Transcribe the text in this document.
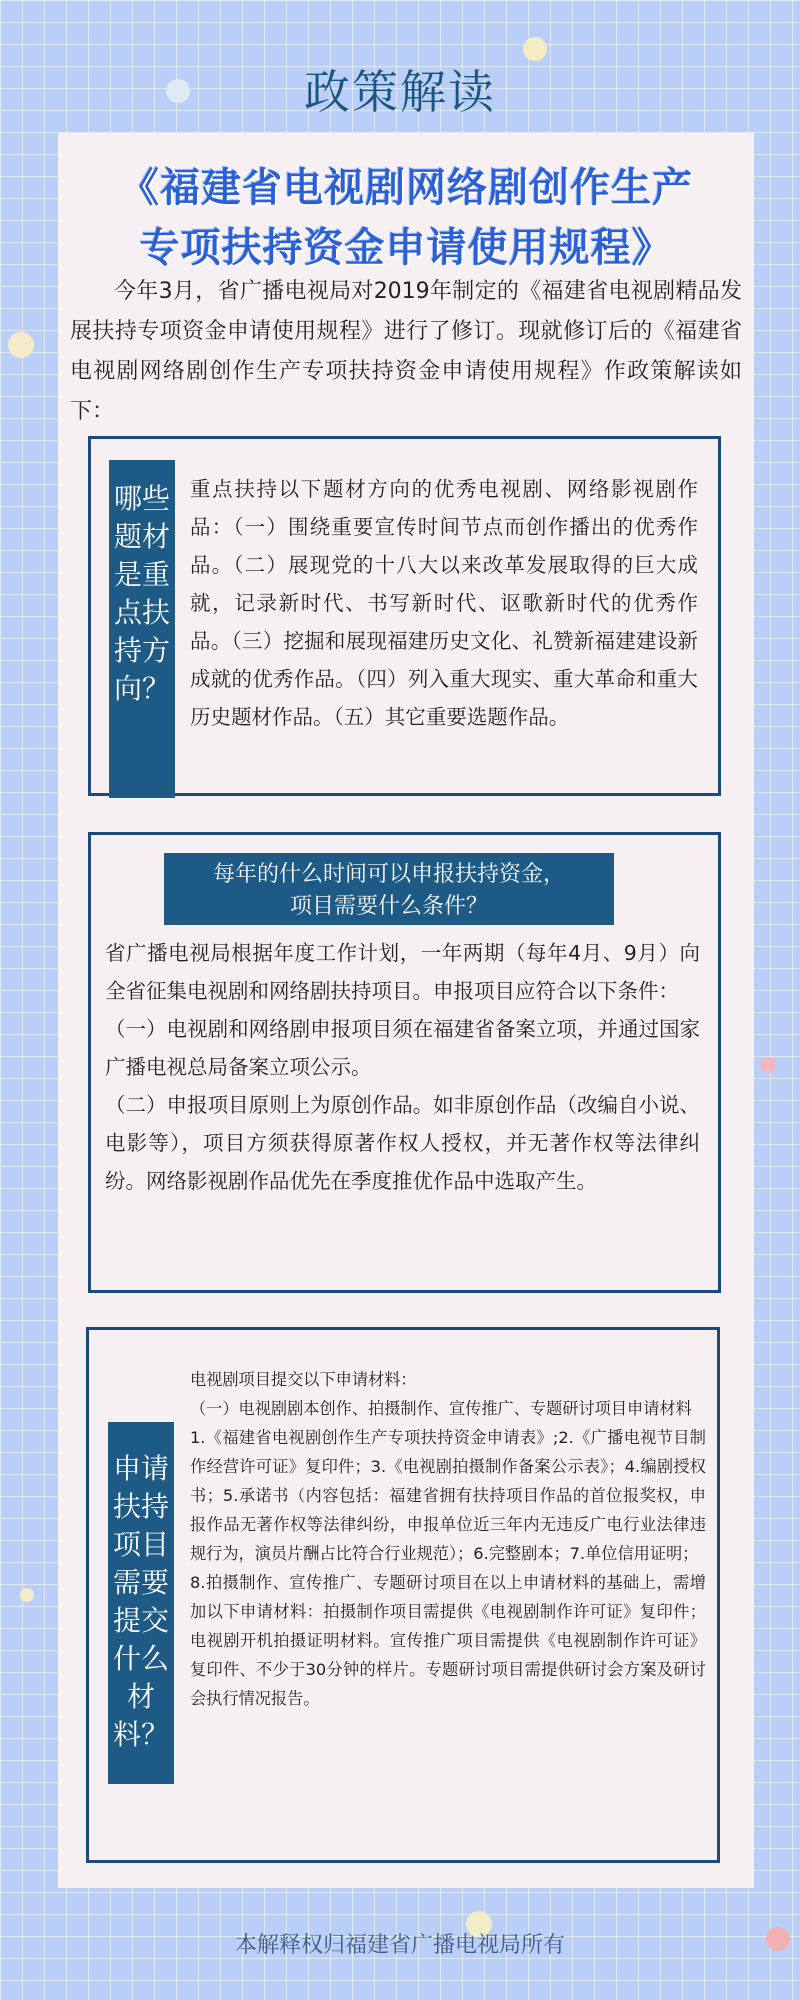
政策解读
《福建省电视剧网络剧创作生产
专项扶持资金申请使用规程》
今年3月，省广播电视局对2019年制定的《福建省电视剧精品发展扶持专项资金申请使用规程》进行了修订。现就修订后的《福建省电视剧网络剧创作生产专项扶持资金申请使用规程》作政策解读如下：
哪些题材是重点扶持方向？
重点扶持以下题材方向的优秀电视剧、网络影视剧作品：（一）围绕重要宣传时间节点而创作播出的优秀作品。（二）展现党的十八大以来改革发展取得的巨大成就，记录新时代、书写新时代、讴歌新时代的优秀作品。（三）挖掘和展现福建历史文化、礼赞新福建建设新成就的优秀作品。（四）列入重大现实、重大革命和重大历史题材作品。（五）其它重要选题作品。
每年的什么时间可以申报扶持资金，
项目需要什么条件？
省广播电视局根据年度工作计划，一年两期（每年4月、9月）向全省征集电视剧和网络剧扶持项目。申报项目应符合以下条件：
（一）电视剧和网络剧申报项目须在福建省备案立项，并通过国家广播电视总局备案立项公示。
（二）申报项目原则上为原创作品。如非原创作品（改编自小说、电影等），项目方须获得原著作权人授权，并无著作权等法律纠纷。网络影视剧作品优先在季度推优作品中选取产生。
申请扶持项目需要提交什么材料？
电视剧项目提交以下申请材料：
（一）电视剧剧本创作、拍摄制作、宣传推广、专题研讨项目申请材料
1.《福建省电视剧创作生产专项扶持资金申请表》;2.《广播电视节目制作经营许可证》复印件；3.《电视剧拍摄制作备案公示表》；4.编剧授权书；5.承诺书（内容包括：福建省拥有扶持项目作品的首位报奖权，申报作品无著作权等法律纠纷，申报单位近三年内无违反广电行业法律违规行为，演员片酬占比符合行业规范）；6.完整剧本；7.单位信用证明；
8.拍摄制作、宣传推广、专题研讨项目在以上申请材料的基础上，需增加以下申请材料：拍摄制作项目需提供《电视剧制作许可证》复印件；电视剧开机拍摄证明材料。宣传推广项目需提供《电视剧制作许可证》复印件、不少于30分钟的样片。专题研讨项目需提供研讨会方案及研讨会执行情况报告。
本解释权归福建省广播电视局所有
